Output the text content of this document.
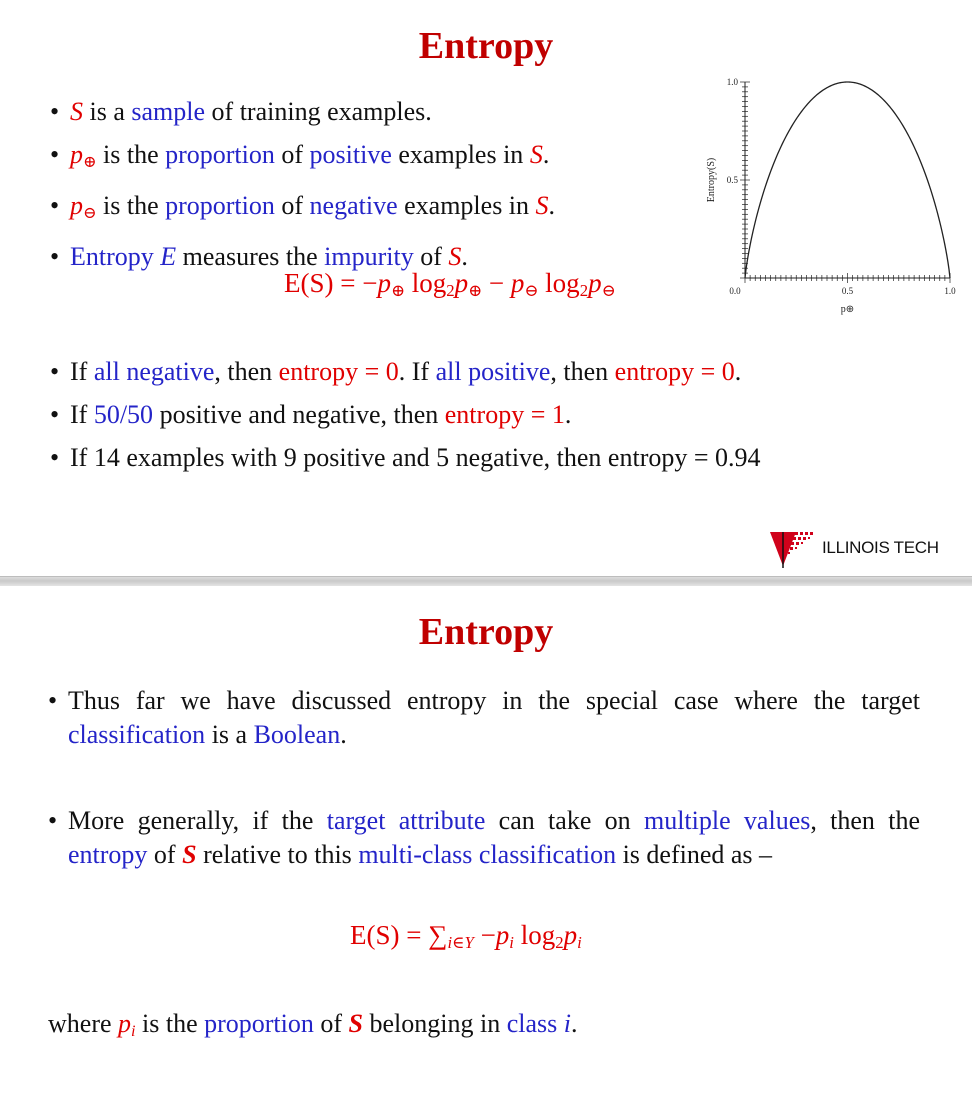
Entropy
• S is a sample of training examples.
• $p_\oplus$ is the proportion of positive examples in S.
• $p_⊖$ is the proportion of negative examples in S.
• Entropy E measures the impurity of S.
$E(S) = -p_\oplus$ $\log_2p_\oplus - p_⊖$ $\log_2p_⊖$	0.0	0.5	1.0
0.5
1.0
Entropy(S)
p⊕
• If all negative, then entropy = 0. If all positive, then entropy = 0.
• If 50/50 positive and negative, then entropy = 1.
• If 14 examples with 9 positive and 5 negative, then entropy = 0.94
ILLINOIS TECH
Entropy
• Thus far we have discussed entropy in the special case where the target classification is a Boolean.
• More generally, if the target attribute can take on multiple values, then the entropy of S relative to this multi-class classification is defined as –
$E(S) = \sum_{i\in Y} -p_i$ $\log_2p_i$
where $p_i$ is the proportion of S belonging in class i.
